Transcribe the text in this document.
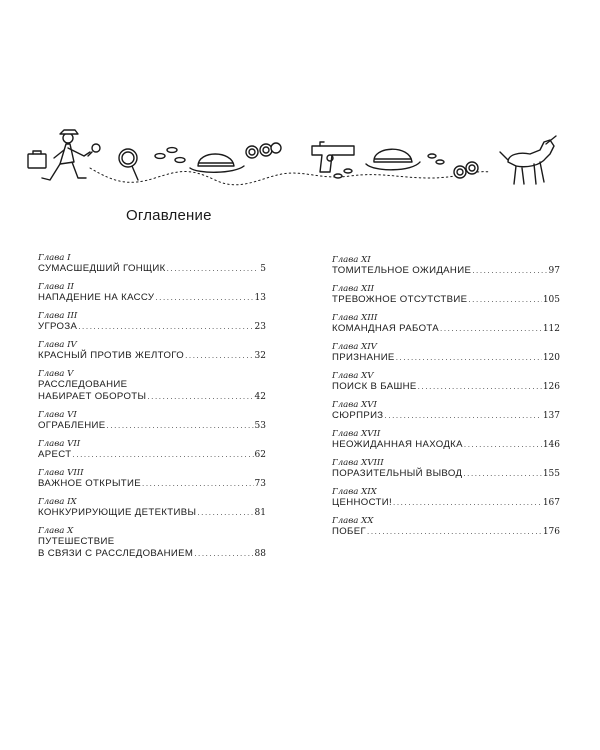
Оглавление
Глава I
СУМАСШЕДШИЙ ГОНЩИК .....	5
Глава II
НАПАДЕНИЕ НА КАССУ .....	13
Глава III
УГРОЗА .....	23
Глава IV
КРАСНЫЙ ПРОТИВ ЖЕЛТОГО .....	32
Глава V
РАССЛЕДОВАНИЕ
НАБИРАЕТ ОБОРОТЫ .....	42
Глава VI
ОГРАБЛЕНИЕ .....	53
Глава VII
АРЕСТ .....	62
Глава VIII
ВАЖНОЕ ОТКРЫТИЕ .....	73
Глава IX
КОНКУРИРУЮЩИЕ ДЕТЕКТИВЫ .....	81
Глава X
ПУТЕШЕСТВИЕ
В СВЯЗИ С РАССЛЕДОВАНИЕМ .....	88
Глава XI
ТОМИТЕЛЬНОЕ ОЖИДАНИЕ .....	97
Глава XII
ТРЕВОЖНОЕ ОТСУТСТВИЕ .....	105
Глава XIII
КОМАНДНАЯ РАБОТА .....	112
Глава XIV
ПРИЗНАНИЕ .....	120
Глава XV
ПОИСК В БАШНЕ .....	126
Глава XVI
СЮРПРИЗ .....	137
Глава XVII
НЕОЖИДАННАЯ НАХОДКА .....	146
Глава XVIII
ПОРАЗИТЕЛЬНЫЙ ВЫВОД .....	155
Глава XIX
ЦЕННОСТИ! .....	167
Глава XX
ПОБЕГ .....	176
